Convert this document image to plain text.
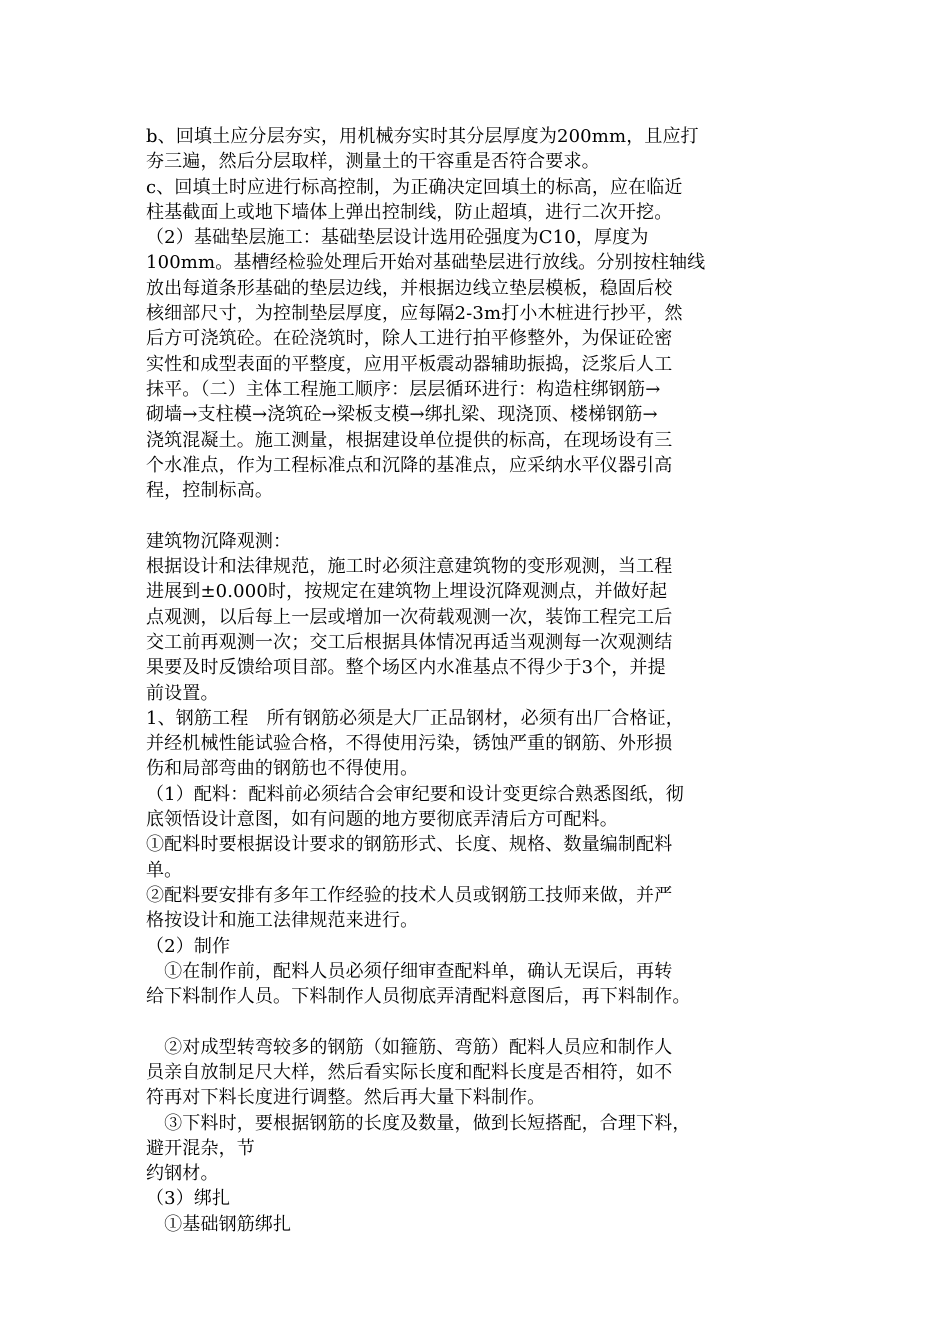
b、回填土应分层夯实，用机械夯实时其分层厚度为200mm，且应打
夯三遍，然后分层取样，测量土的干容重是否符合要求。
c、回填土时应进行标高控制，为正确决定回填土的标高，应在临近
柱基截面上或地下墙体上弹出控制线，防止超填，进行二次开挖。
（2）基础垫层施工：基础垫层设计选用砼强度为C10，厚度为
100mm。基槽经检验处理后开始对基础垫层进行放线。分别按柱轴线
放出每道条形基础的垫层边线，并根据边线立垫层模板，稳固后校
核细部尺寸，为控制垫层厚度，应每隔2-3m打小木桩进行抄平，然
后方可浇筑砼。在砼浇筑时，除人工进行拍平修整外，为保证砼密
实性和成型表面的平整度，应用平板震动器辅助振捣，泛浆后人工
抹平。（二）主体工程施工顺序：层层循环进行：构造柱绑钢筋→
砌墙→支柱模→浇筑砼→梁板支模→绑扎梁、现浇顶、楼梯钢筋→
浇筑混凝土。施工测量，根据建设单位提供的标高，在现场设有三
个水准点，作为工程标准点和沉降的基准点，应采纳水平仪器引高
程，控制标高。
建筑物沉降观测：
根据设计和法律规范，施工时必须注意建筑物的变形观测，当工程
进展到±0.000时，按规定在建筑物上埋设沉降观测点，并做好起
点观测，以后每上一层或增加一次荷载观测一次，装饰工程完工后
交工前再观测一次；交工后根据具体情况再适当观测每一次观测结
果要及时反馈给项目部。整个场区内水准基点不得少于3个，并提
前设置。
1、钢筋工程　所有钢筋必须是大厂正品钢材，必须有出厂合格证，
并经机械性能试验合格，不得使用污染，锈蚀严重的钢筋、外形损
伤和局部弯曲的钢筋也不得使用。
（1）配料：配料前必须结合会审纪要和设计变更综合熟悉图纸，彻
底领悟设计意图，如有问题的地方要彻底弄清后方可配料。
①配料时要根据设计要求的钢筋形式、长度、规格、数量编制配料
单。
②配料要安排有多年工作经验的技术人员或钢筋工技师来做，并严
格按设计和施工法律规范来进行。
（2）制作
　①在制作前，配料人员必须仔细审查配料单，确认无误后，再转
给下料制作人员。下料制作人员彻底弄清配料意图后，再下料制作。
　②对成型转弯较多的钢筋（如箍筋、弯筋）配料人员应和制作人
员亲自放制足尺大样，然后看实际长度和配料长度是否相符，如不
符再对下料长度进行调整。然后再大量下料制作。
　③下料时，要根据钢筋的长度及数量，做到长短搭配，合理下料，
避开混杂，节
约钢材。
（3）绑扎
　①基础钢筋绑扎
